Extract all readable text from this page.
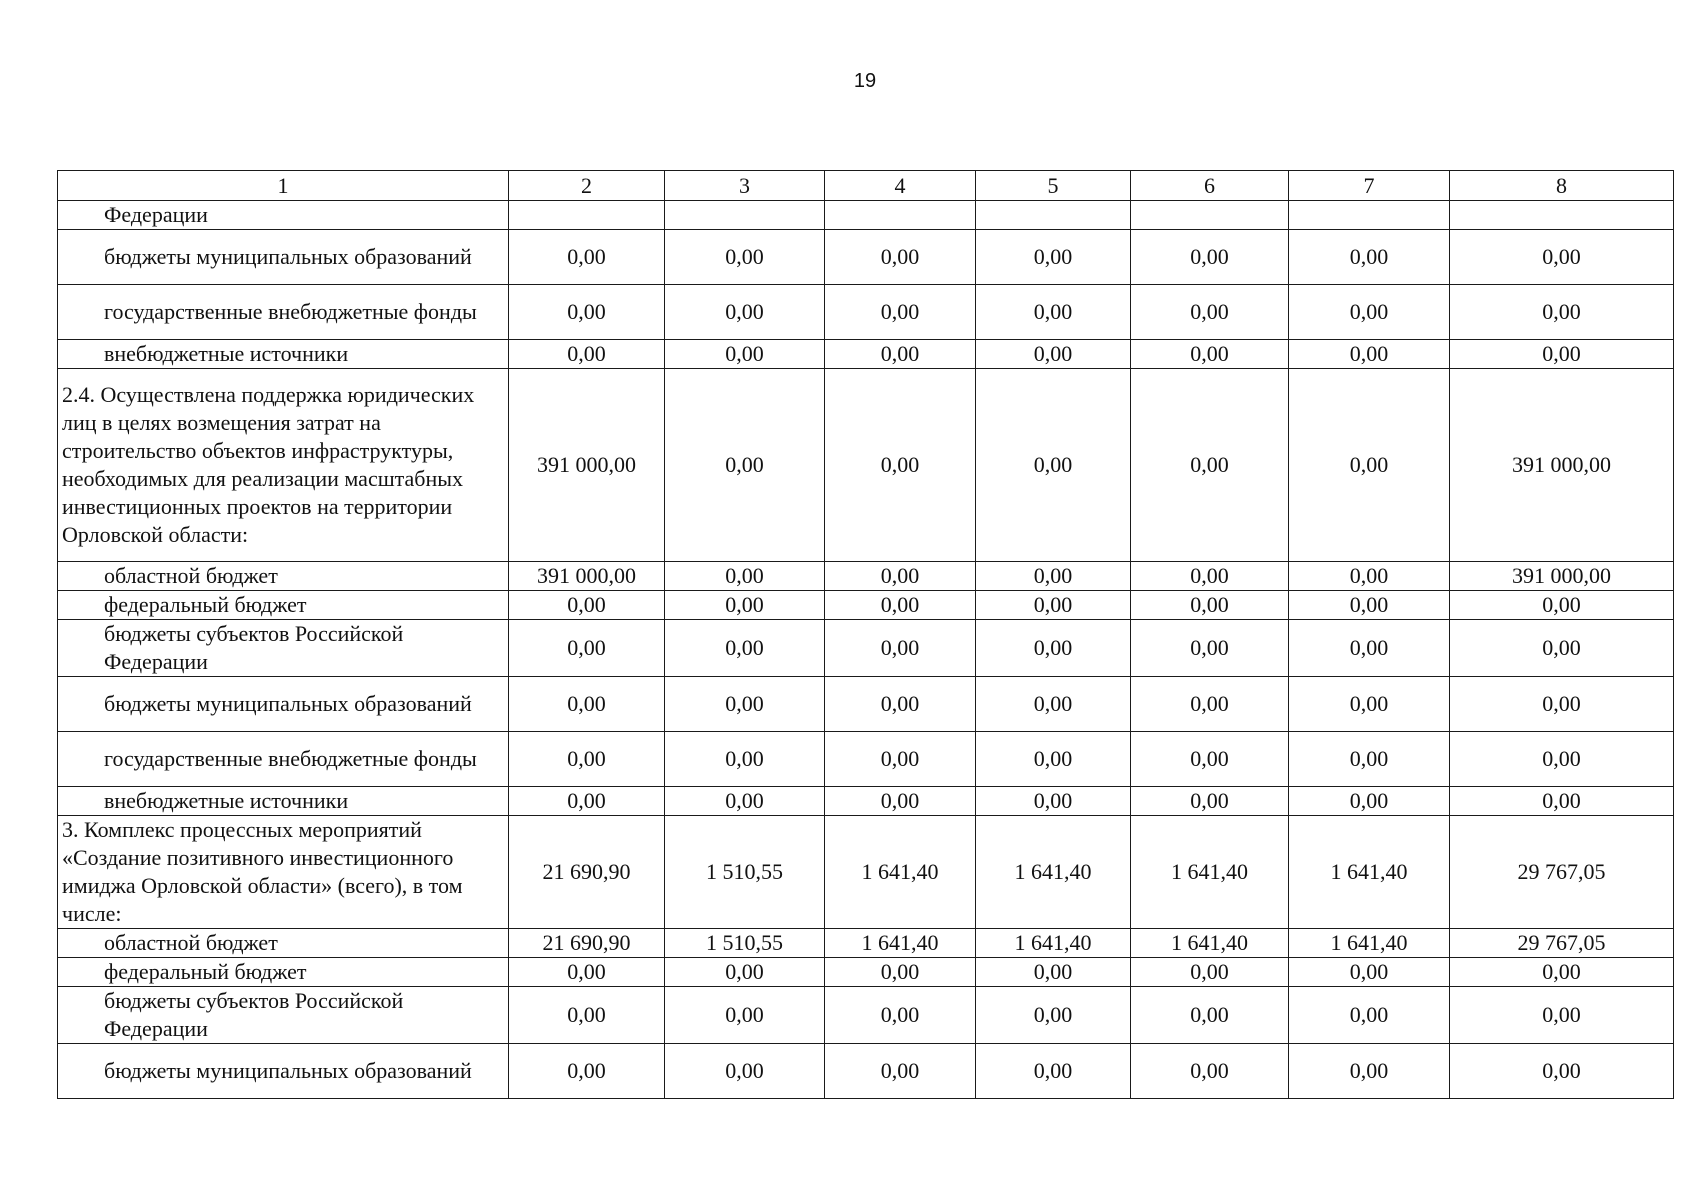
19
1	2	3	4	5	6	7	8
Федерации							
бюджеты муниципальных образований	0,00	0,00	0,00	0,00	0,00	0,00	0,00
государственные внебюджетные фонды	0,00	0,00	0,00	0,00	0,00	0,00	0,00
внебюджетные источники	0,00	0,00	0,00	0,00	0,00	0,00	0,00
2.4. Осуществлена поддержка юридических лиц в целях возмещения затрат на строительство объектов инфраструктуры, необходимых для реализации масштабных инвестиционных проектов на территории Орловской области:	391 000,00	0,00	0,00	0,00	0,00	0,00	391 000,00
областной бюджет	391 000,00	0,00	0,00	0,00	0,00	0,00	391 000,00
федеральный бюджет	0,00	0,00	0,00	0,00	0,00	0,00	0,00
бюджеты субъектов Российской Федерации	0,00	0,00	0,00	0,00	0,00	0,00	0,00
бюджеты муниципальных образований	0,00	0,00	0,00	0,00	0,00	0,00	0,00
государственные внебюджетные фонды	0,00	0,00	0,00	0,00	0,00	0,00	0,00
внебюджетные источники	0,00	0,00	0,00	0,00	0,00	0,00	0,00
3. Комплекс процессных мероприятий «Создание позитивного инвестиционного имиджа Орловской области» (всего), в том числе:	21 690,90	1 510,55	1 641,40	1 641,40	1 641,40	1 641,40	29 767,05
областной бюджет	21 690,90	1 510,55	1 641,40	1 641,40	1 641,40	1 641,40	29 767,05
федеральный бюджет	0,00	0,00	0,00	0,00	0,00	0,00	0,00
бюджеты субъектов Российской Федерации	0,00	0,00	0,00	0,00	0,00	0,00	0,00
бюджеты муниципальных образований	0,00	0,00	0,00	0,00	0,00	0,00	0,00
